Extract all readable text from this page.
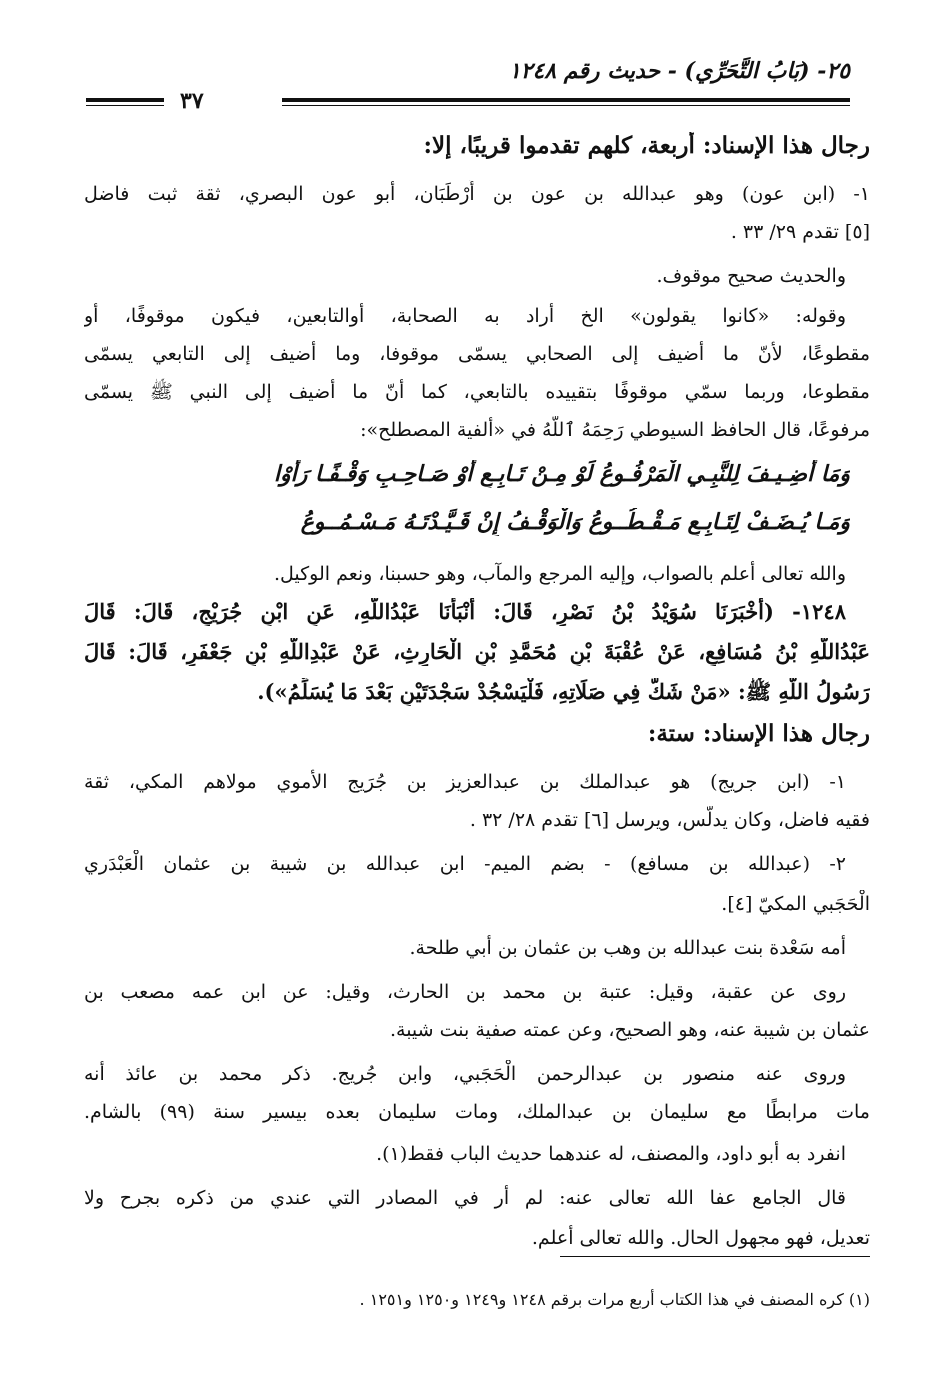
٢٥- (بَابُ التَّحَرِّي) - حديث رقم ١٢٤٨
٣٧
رجال هذا الإسناد: أربعة، كلهم تقدموا قريبًا، إلا:
١- (ابن عون) وهو عبدالله بن عون بن أَرْطَبَان، أبو عون البصري، ثقة ثبت فاضل
[٥] تقدم ٢٩/ ٣٣ .
والحديث صحيح موقوف.
وقوله: «كانوا يقولون» الخ أراد به الصحابة، أوالتابعين، فيكون موقوفًا، أو
مقطوعًا، لأنّ ما أضيف إلى الصحابي يسمّى موقوفا، وما أضيف إلى التابعي يسمّى
مقطوعا، وربما سمّي موقوفًا بتقييده بالتابعي، كما أنّ ما أضيف إلى النبي ﷺ يسمّى
مرفوعًا، قال الحافظ السيوطي رَحِمَهُ ٱللَّهُ في «ألفية المصطلح»:
وَمَا أُضِـيـفَ لِلنَّبِـي الْمَرْفُـوعُ لَوْ مِـنْ تَـابِـعٍ أَوْ صَـاحِـبٍ وَقْـفًـا رَأَوْا
وَمَـا يُـضَـفْ لِتَـابِـعٍ مَـقْـطُــوعُ وَالْوَقْـفُ إِنْ قَـيَّـدْتَـهُ مَـسْـمُــوعُ
والله تعالى أعلم بالصواب، وإليه المرجع والمآب، وهو حسبنا، ونعم الوكيل.
١٢٤٨- (أَخْبَرَنَا سُوَيْدُ بْنُ نَصْرٍ، قَالَ: أَنْبَأَنَا عَبْدُاللَّهِ، عَنِ ابْنِ جُرَيْجٍ، قَالَ: قَالَ
عَبْدُاللَّهِ بْنُ مُسَافِعٍ، عَنْ عُقْبَةَ بْنِ مُحَمَّدِ بْنِ الْحَارِثِ، عَنْ عَبْدِاللَّهِ بْنِ جَعْفَرٍ، قَالَ: قَالَ
رَسُولُ اللَّهِ ﷺ: «مَنْ شَكَّ فِي صَلَاتِهِ، فَلْيَسْجُدْ سَجْدَتَيْنِ بَعْدَ مَا يُسَلِّمُ»).
رجال هذا الإسناد: ستة:
١- (ابن جريج) هو عبدالملك بن عبدالعزيز بن جُرَيج الأموي مولاهم المكي، ثقة
فقيه فاضل، وكان يدلّس، ويرسل [٦] تقدم ٢٨/ ٣٢ .
٢- (عبدالله بن مسافع) - بضم الميم- ابن عبدالله بن شيبة بن عثمان الْعَبْدَري
الْحَجَبي المكيّ [٤].
أمه سَعْدة بنت عبدالله بن وهب بن عثمان بن أبي طلحة.
روى عن عقبة، وقيل: عتبة بن محمد بن الحارث، وقيل: عن ابن عمه مصعب بن
عثمان بن شيبة عنه، وهو الصحيح، وعن عمته صفية بنت شيبة.
وروى عنه منصور بن عبدالرحمن الْحَجَبي، وابن جُريج. ذكر محمد بن عائذ أنه
مات مرابطًا مع سليمان بن عبدالملك، ومات سليمان بعده بيسير سنة (٩٩) بالشام.
انفرد به أبو داود، والمصنف، له عندهما حديث الباب فقط(١).
قال الجامع عفا الله تعالى عنه: لم أر في المصادر التي عندي من ذكره بجرح ولا
تعديل، فهو مجهول الحال. والله تعالى أعلم.
(١) كره المصنف في هذا الكتاب أربع مرات برقم ١٢٤٨ و١٢٤٩ و١٢٥٠ و١٢٥١ .
